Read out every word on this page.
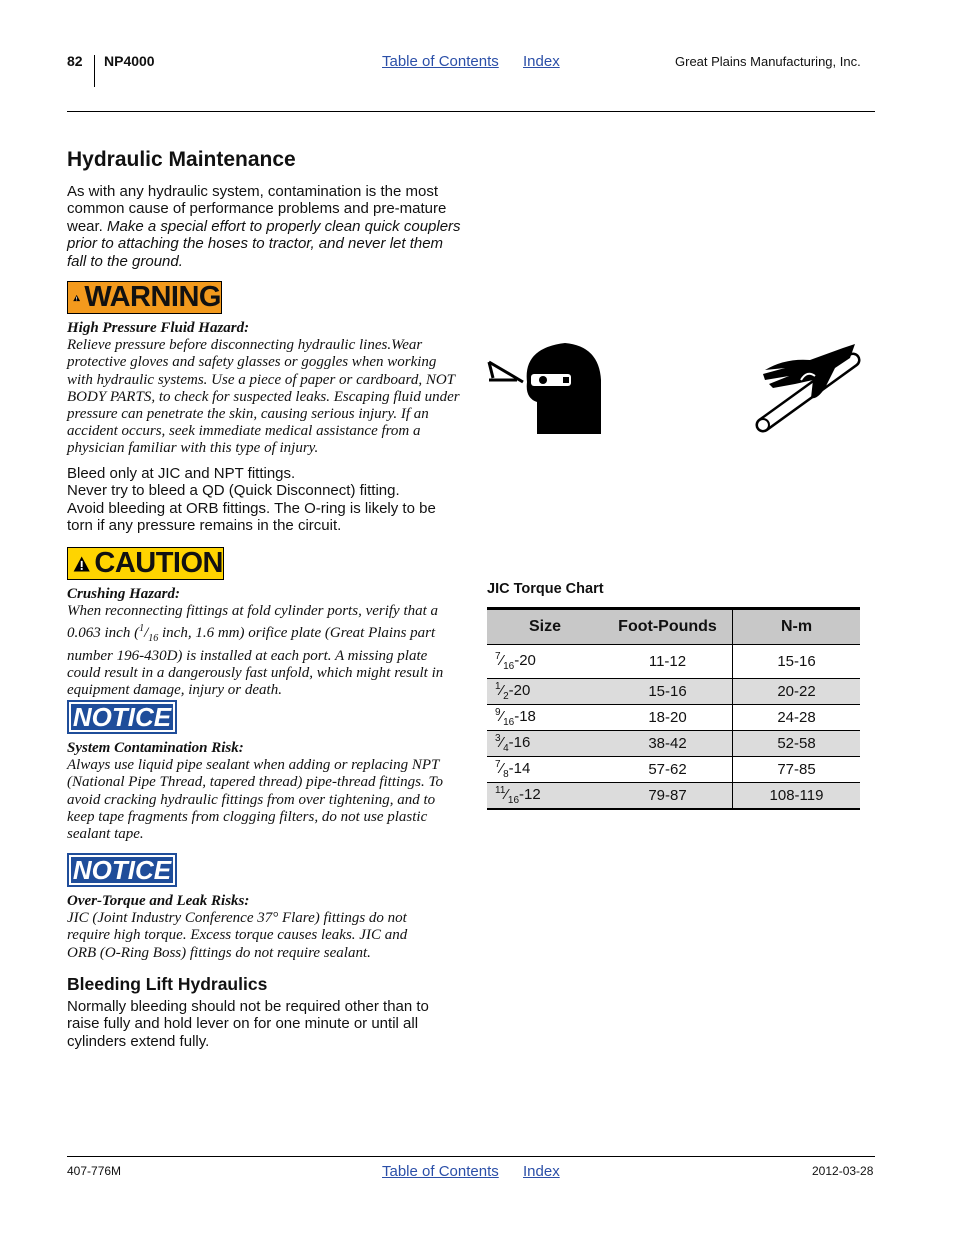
82 NP4000	Table of Contents Index	Great Plains Manufacturing, Inc.
Hydraulic Maintenance
As with any hydraulic system, contamination is the most common cause of performance problems and pre-mature wear. Make a special effort to properly clean quick couplers prior to attaching the hoses to tractor, and never let them fall to the ground.
WARNING
High Pressure Fluid Hazard:
Relieve pressure before disconnecting hydraulic lines.Wear protective gloves and safety glasses or goggles when working with hydraulic systems. Use a piece of paper or cardboard, NOT BODY PARTS, to check for suspected leaks. Escaping fluid under pressure can penetrate the skin, causing serious injury. If an accident occurs, seek immediate medical assistance from a physician familiar with this type of injury.
Bleed only at JIC and NPT fittings.
Never try to bleed a QD (Quick Disconnect) fitting.
Avoid bleeding at ORB fittings. The O-ring is likely to be torn if any pressure remains in the circuit.
CAUTION
Crushing Hazard:
When reconnecting fittings at fold cylinder ports, verify that a 0.063 inch ($^1/_{16}$ inch, 1.6 mm) orifice plate (Great Plains part number 196-430D) is installed at each port. A missing plate could result in a dangerously fast unfold, which might result in equipment damage, injury or death.
NOTICE
System Contamination Risk:
Always use liquid pipe sealant when adding or replacing NPT (National Pipe Thread, tapered thread) pipe-thread fittings. To avoid cracking hydraulic fittings from over tightening, and to keep tape fragments from clogging filters, do not use plastic sealant tape.
NOTICE
Over-Torque and Leak Risks:
JIC (Joint Industry Conference 37° Flare) fittings do not require high torque. Excess torque causes leaks. JIC and ORB (O-Ring Boss) fittings do not require sealant.
Bleeding Lift Hydraulics
Normally bleeding should not be required other than to raise fully and hold lever on for one minute or until all cylinders extend fully.
JIC Torque Chart
Size	Foot-Pounds	N-m
$^7⁄_{16}-20$	11-12	15-16
$^1⁄_2-20$	15-16	20-22
$^9⁄_{16}-18$	18-20	24-28
$^3⁄_4-16$	38-42	52-58
$^7⁄_8-14$	57-62	77-85
$^{11}⁄_{16}-12$	79-87	108-119
407-776M	Table of Contents Index	2012-03-28
